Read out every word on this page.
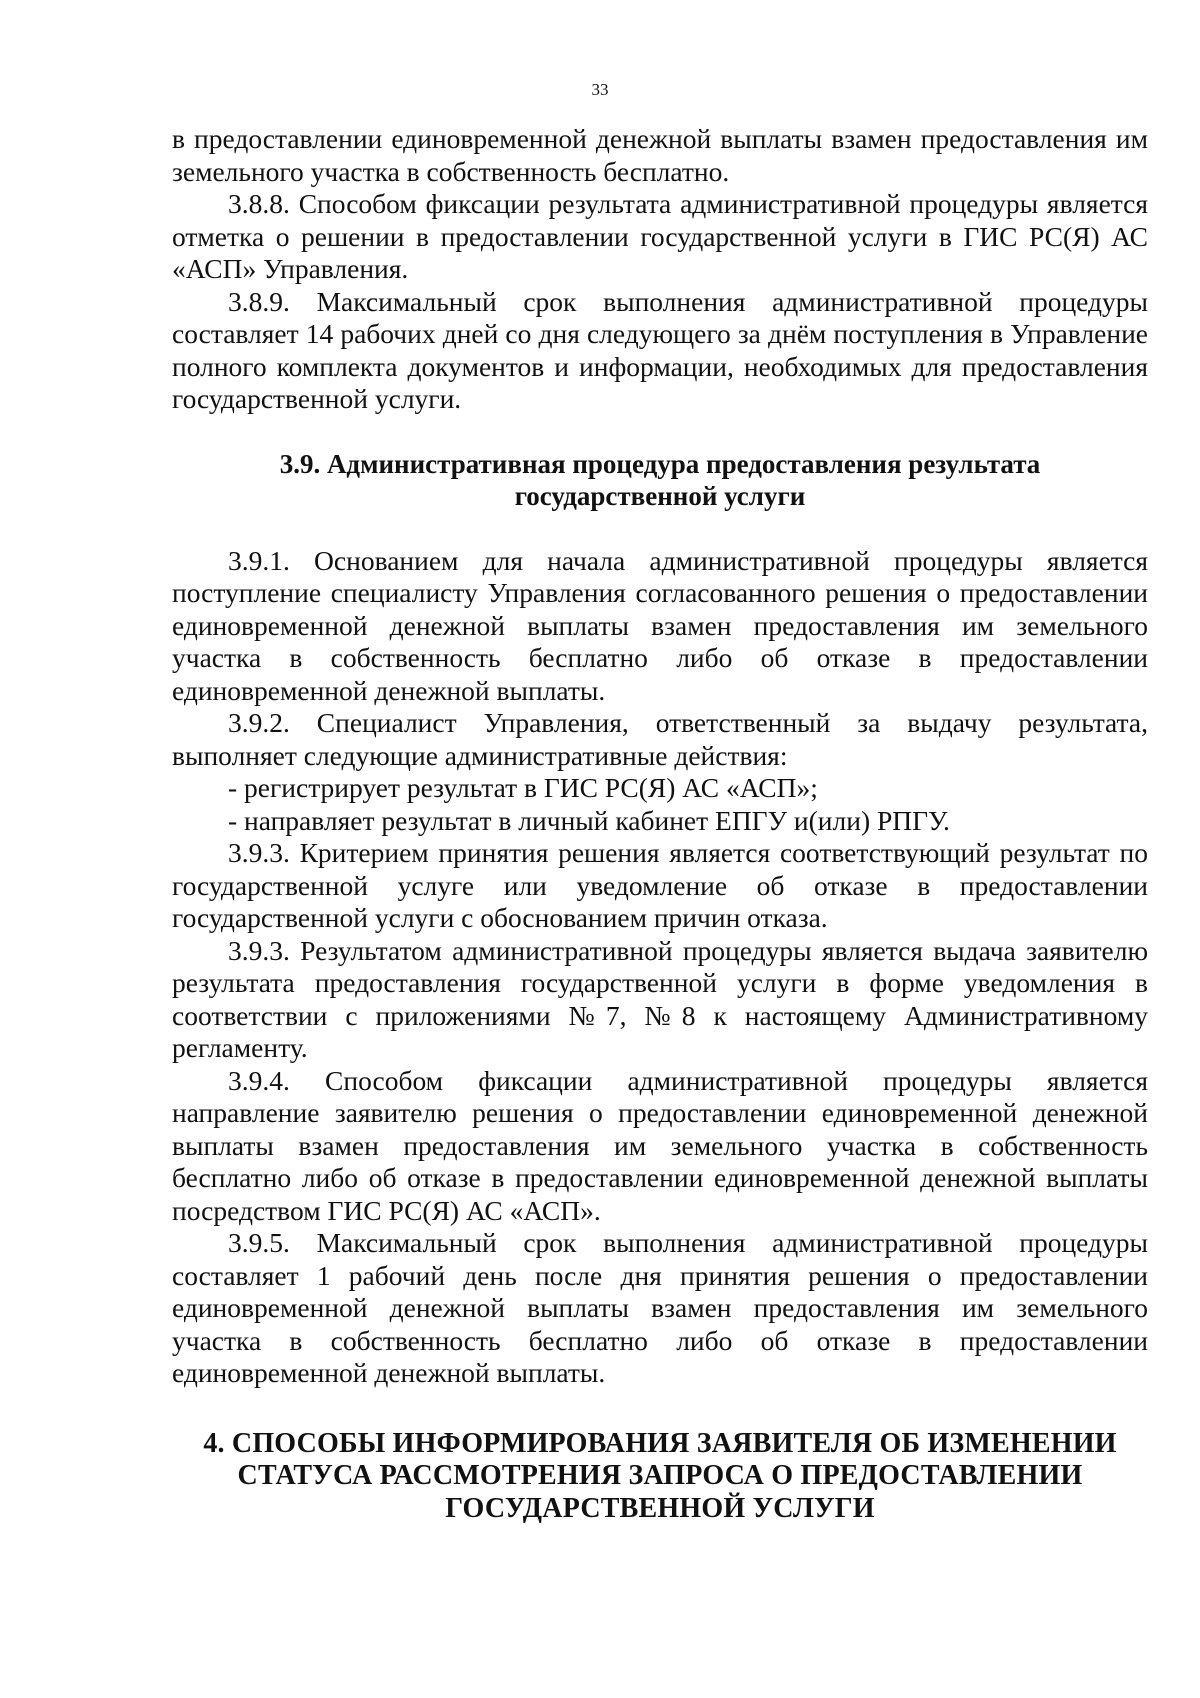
33

в предоставлении единовременной денежной выплаты взамен предоставления им земельного участка в собственность бесплатно.

3.8.8. Способом фиксации результата административной процедуры является отметка о решении в предоставлении государственной услуги в ГИС РС(Я) АС «АСП» Управления.

3.8.9. Максимальный срок выполнения административной процедуры составляет 14 рабочих дней со дня следующего за днём поступления в Управление полного комплекта документов и информации, необходимых для предоставления государственной услуги.

3.9. Административная процедура предоставления результата
государственной услуги

3.9.1. Основанием для начала административной процедуры является поступление специалисту Управления согласованного решения о предоставлении единовременной денежной выплаты взамен предоставления им земельного участка в собственность бесплатно либо об отказе в предоставлении единовременной денежной выплаты.

3.9.2. Специалист Управления, ответственный за выдачу результата, выполняет следующие административные действия:

- регистрирует результат в ГИС РС(Я) АС «АСП»;

- направляет результат в личный кабинет ЕПГУ и(или) РПГУ.

3.9.3. Критерием принятия решения является соответствующий результат по государственной услуге или уведомление об отказе в предоставлении государственной услуги с обоснованием причин отказа.

3.9.3. Результатом административной процедуры является выдача заявителю результата предоставления государственной услуги в форме уведомления в соответствии с приложениями №7, №8 к настоящему Административному регламенту.

3.9.4. Способом фиксации административной процедуры является направление заявителю решения о предоставлении единовременной денежной выплаты взамен предоставления им земельного участка в собственность бесплатно либо об отказе в предоставлении единовременной денежной выплаты посредством ГИС РС(Я) АС «АСП».

3.9.5. Максимальный срок выполнения административной процедуры составляет 1 рабочий день после дня принятия решения о предоставлении единовременной денежной выплаты взамен предоставления им земельного участка в собственность бесплатно либо об отказе в предоставлении единовременной денежной выплаты.

4. СПОСОБЫ ИНФОРМИРОВАНИЯ ЗАЯВИТЕЛЯ ОБ ИЗМЕНЕНИИ
СТАТУСА РАССМОТРЕНИЯ ЗАПРОСА О ПРЕДОСТАВЛЕНИИ
ГОСУДАРСТВЕННОЙ УСЛУГИ
